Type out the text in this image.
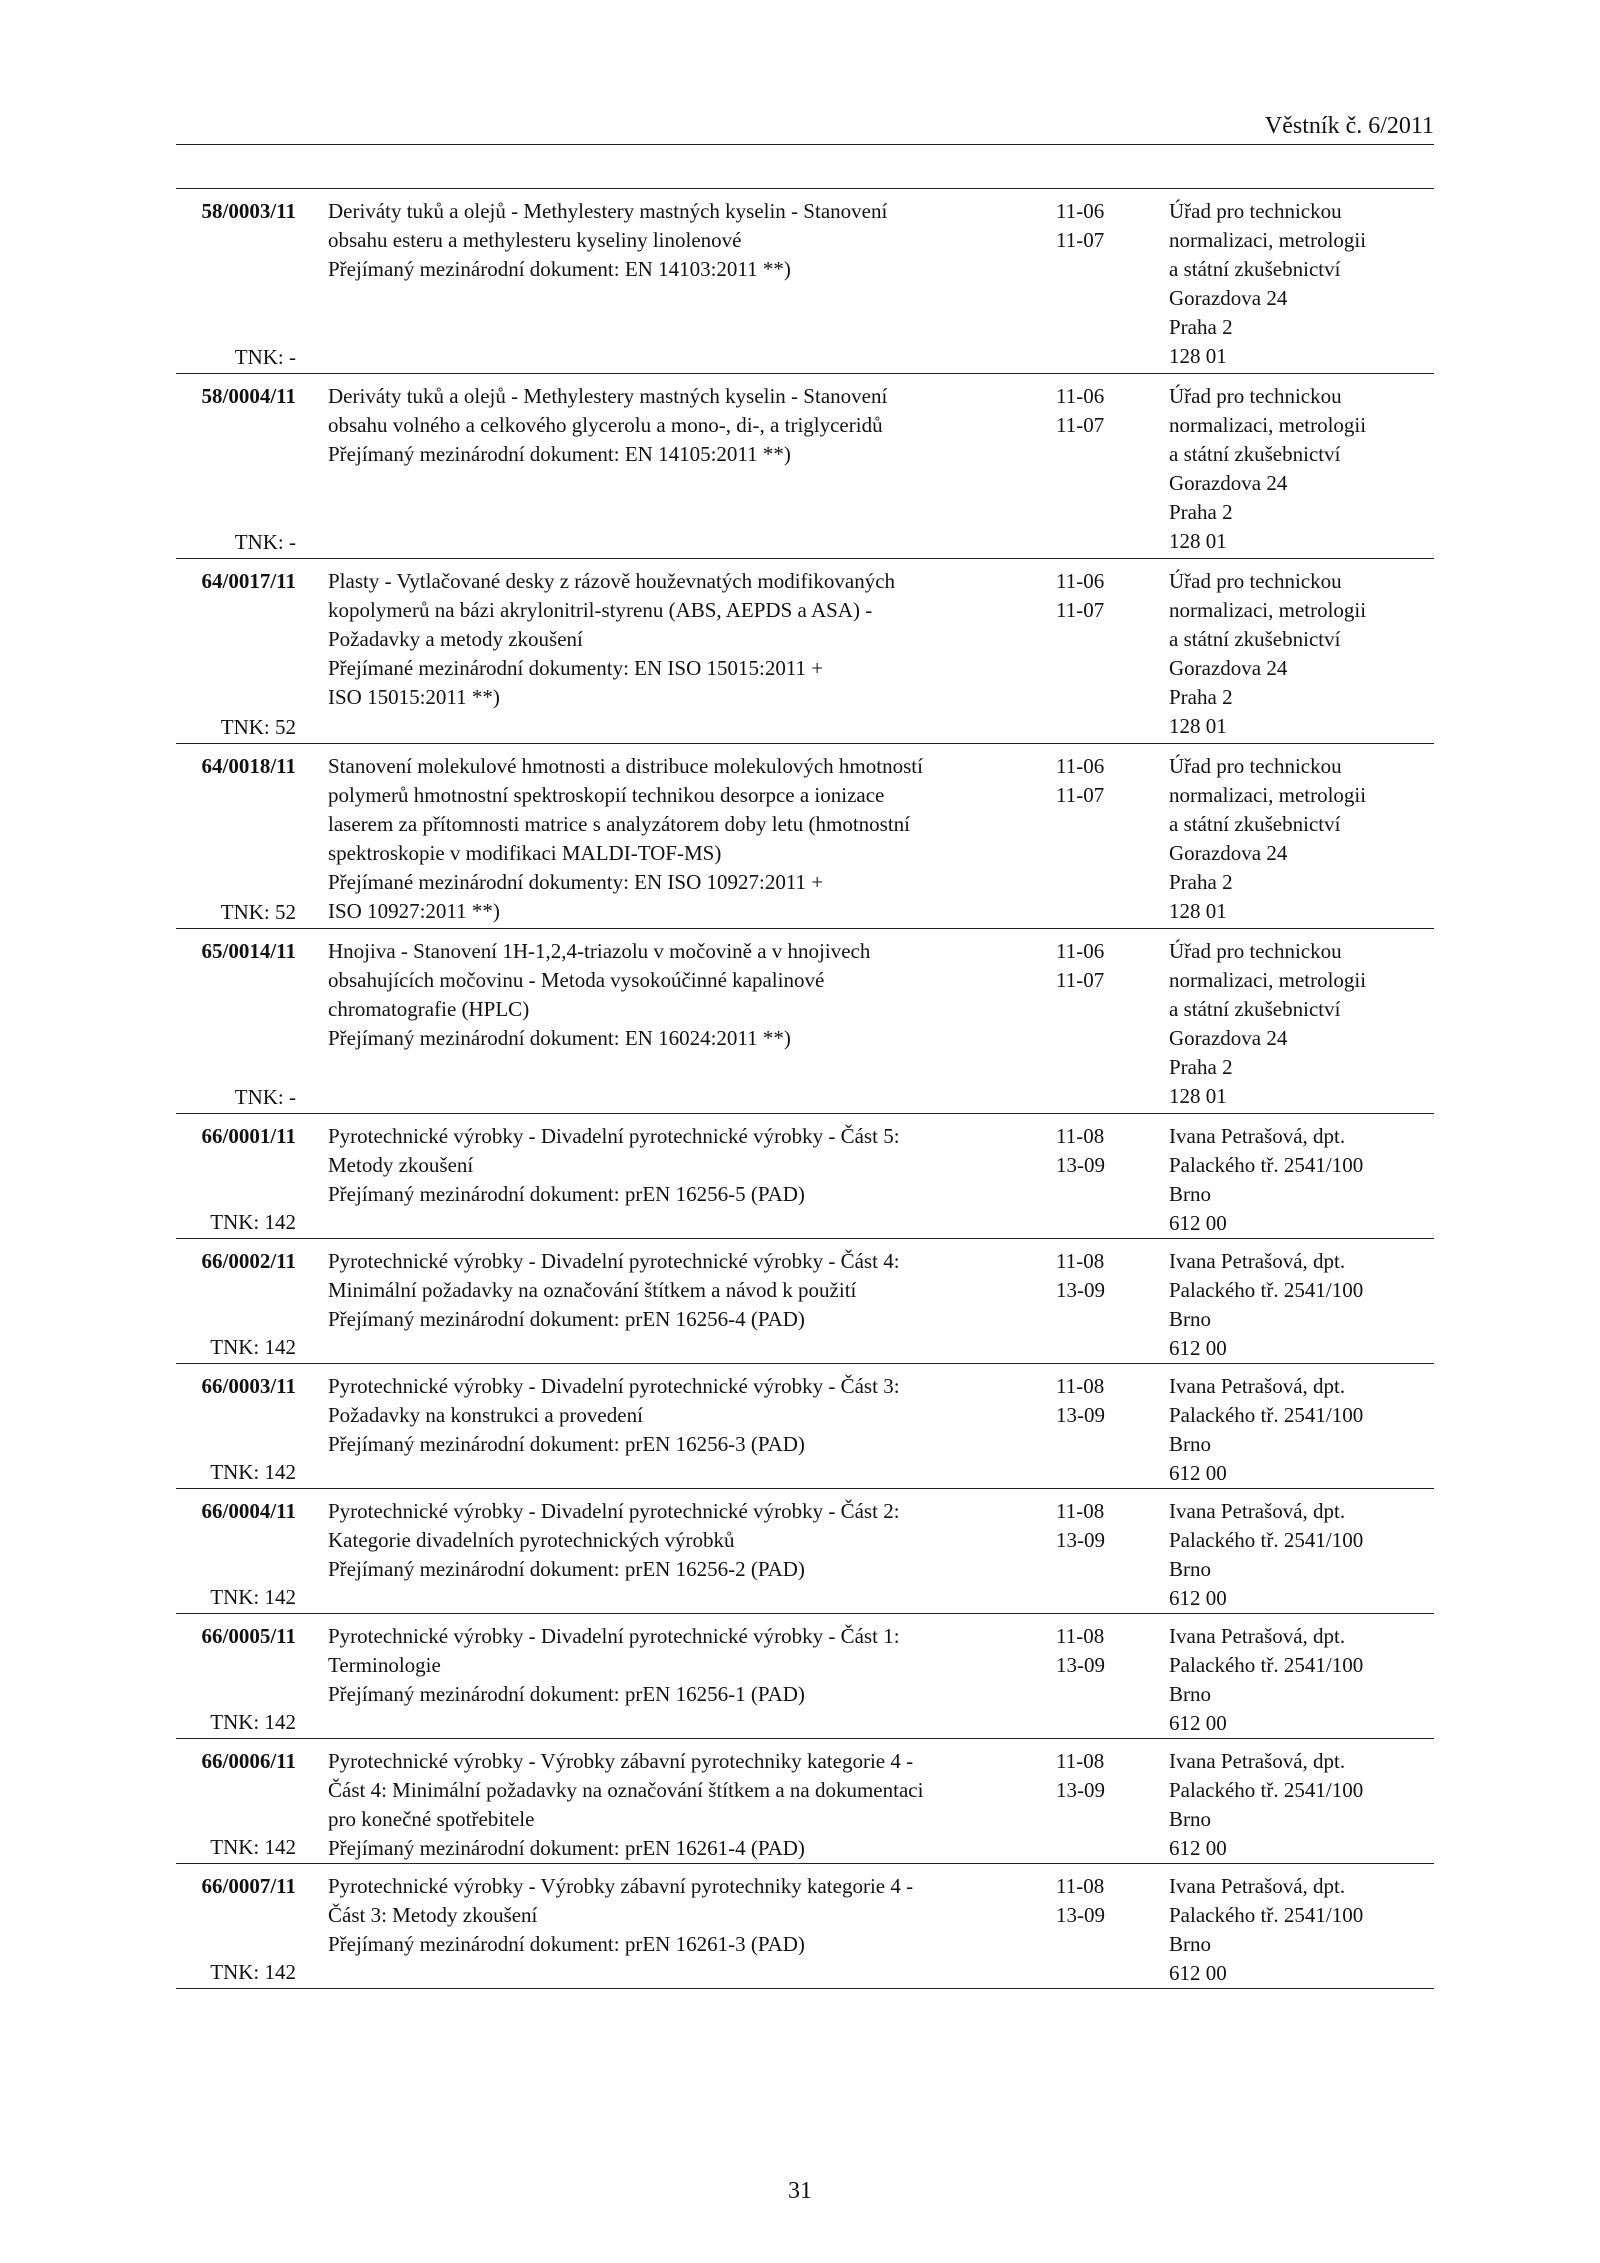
Věstník č. 6/2011
58/0003/11
TNK: -
Deriváty tuků a olejů - Methylestery mastných kyselin - Stanovení
obsahu esteru a methylesteru kyseliny linolenové
Přejímaný mezinárodní dokument: EN 14103:2011 **)
11-06
11-07
Úřad pro technickou
normalizaci, metrologii
a státní zkušebnictví
Gorazdova 24
Praha 2
128 01
58/0004/11
TNK: -
Deriváty tuků a olejů - Methylestery mastných kyselin - Stanovení
obsahu volného a celkového glycerolu a mono-, di-, a triglyceridů
Přejímaný mezinárodní dokument: EN 14105:2011 **)
11-06
11-07
Úřad pro technickou
normalizaci, metrologii
a státní zkušebnictví
Gorazdova 24
Praha 2
128 01
64/0017/11
TNK: 52
Plasty - Vytlačované desky z rázově houževnatých modifikovaných
kopolymerů na bázi akrylonitril-styrenu (ABS, AEPDS a ASA) -
Požadavky a metody zkoušení
Přejímané mezinárodní dokumenty: EN ISO 15015:2011 +
ISO 15015:2011 **)
11-06
11-07
Úřad pro technickou
normalizaci, metrologii
a státní zkušebnictví
Gorazdova 24
Praha 2
128 01
64/0018/11
TNK: 52
Stanovení molekulové hmotnosti a distribuce molekulových hmotností
polymerů hmotnostní spektroskopií technikou desorpce a ionizace
laserem za přítomnosti matrice s analyzátorem doby letu (hmotnostní
spektroskopie v modifikaci MALDI-TOF-MS)
Přejímané mezinárodní dokumenty: EN ISO 10927:2011 +
ISO 10927:2011 **)
11-06
11-07
Úřad pro technickou
normalizaci, metrologii
a státní zkušebnictví
Gorazdova 24
Praha 2
128 01
65/0014/11
TNK: -
Hnojiva - Stanovení 1H-1,2,4-triazolu v močovině a v hnojivech
obsahujících močovinu - Metoda vysokoúčinné kapalinové
chromatografie (HPLC)
Přejímaný mezinárodní dokument: EN 16024:2011 **)
11-06
11-07
Úřad pro technickou
normalizaci, metrologii
a státní zkušebnictví
Gorazdova 24
Praha 2
128 01
66/0001/11
TNK: 142
Pyrotechnické výrobky - Divadelní pyrotechnické výrobky - Část 5:
Metody zkoušení
Přejímaný mezinárodní dokument: prEN 16256-5 (PAD)
11-08
13-09
Ivana Petrašová, dpt.
Palackého tř. 2541/100
Brno
612 00
66/0002/11
TNK: 142
Pyrotechnické výrobky - Divadelní pyrotechnické výrobky - Část 4:
Minimální požadavky na označování štítkem a návod k použití
Přejímaný mezinárodní dokument: prEN 16256-4 (PAD)
11-08
13-09
Ivana Petrašová, dpt.
Palackého tř. 2541/100
Brno
612 00
66/0003/11
TNK: 142
Pyrotechnické výrobky - Divadelní pyrotechnické výrobky - Část 3:
Požadavky na konstrukci a provedení
Přejímaný mezinárodní dokument: prEN 16256-3 (PAD)
11-08
13-09
Ivana Petrašová, dpt.
Palackého tř. 2541/100
Brno
612 00
66/0004/11
TNK: 142
Pyrotechnické výrobky - Divadelní pyrotechnické výrobky - Část 2:
Kategorie divadelních pyrotechnických výrobků
Přejímaný mezinárodní dokument: prEN 16256-2 (PAD)
11-08
13-09
Ivana Petrašová, dpt.
Palackého tř. 2541/100
Brno
612 00
66/0005/11
TNK: 142
Pyrotechnické výrobky - Divadelní pyrotechnické výrobky - Část 1:
Terminologie
Přejímaný mezinárodní dokument: prEN 16256-1 (PAD)
11-08
13-09
Ivana Petrašová, dpt.
Palackého tř. 2541/100
Brno
612 00
66/0006/11
TNK: 142
Pyrotechnické výrobky - Výrobky zábavní pyrotechniky kategorie 4 -
Část 4: Minimální požadavky na označování štítkem a na dokumentaci
pro konečné spotřebitele
Přejímaný mezinárodní dokument: prEN 16261-4 (PAD)
11-08
13-09
Ivana Petrašová, dpt.
Palackého tř. 2541/100
Brno
612 00
66/0007/11
TNK: 142
Pyrotechnické výrobky - Výrobky zábavní pyrotechniky kategorie 4 -
Část 3: Metody zkoušení
Přejímaný mezinárodní dokument: prEN 16261-3 (PAD)
11-08
13-09
Ivana Petrašová, dpt.
Palackého tř. 2541/100
Brno
612 00
31
